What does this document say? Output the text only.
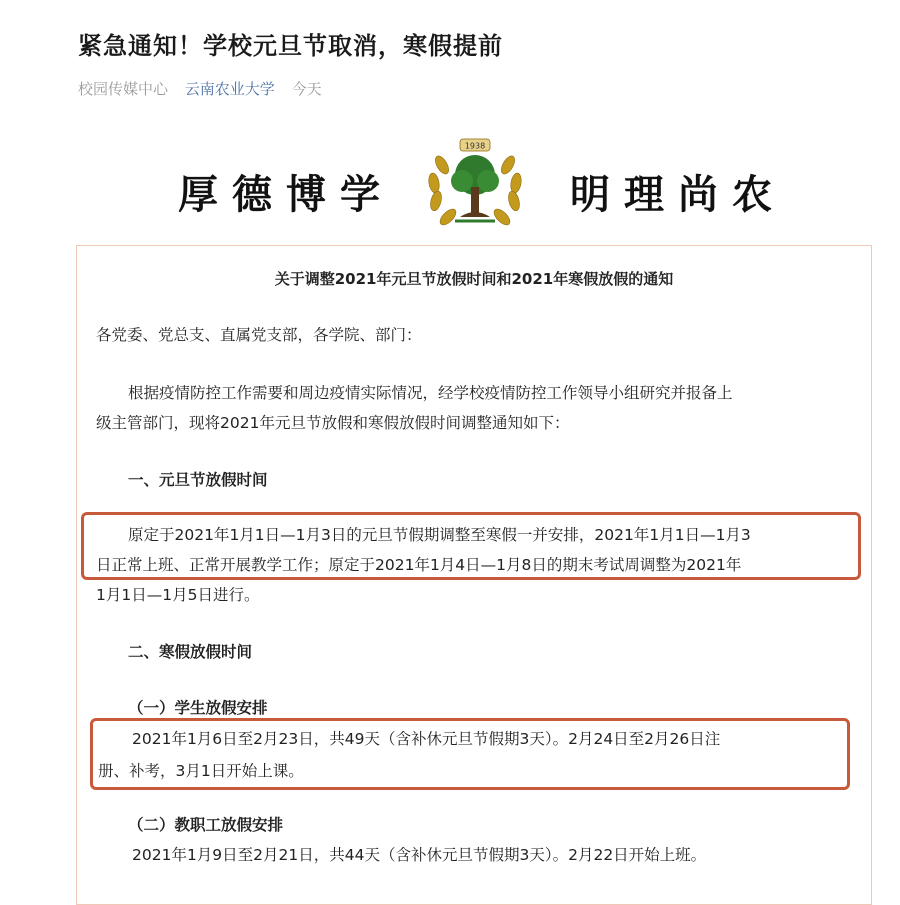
紧急通知！学校元旦节取消，寒假提前
校园传媒中心 云南农业大学 今天
厚德博学
1938
明理尚农
关于调整2021年元旦节放假时间和2021年寒假放假的通知
各党委、党总支、直属党支部，各学院、部门：
根据疫情防控工作需要和周边疫情实际情况，经学校疫情防控工作领导小组研究并报备上
级主管部门，现将2021年元旦节放假和寒假放假时间调整通知如下：
一、元旦节放假时间
原定于2021年1月1日—1月3日的元旦节假期调整至寒假一并安排，2021年1月1日—1月3
日正常上班、正常开展教学工作；原定于2021年1月4日—1月8日的期末考试周调整为2021年
1月1日—1月5日进行。
二、寒假放假时间
（一）学生放假安排
2021年1月6日至2月23日，共49天（含补休元旦节假期3天）。2月24日至2月26日注
册、补考，3月1日开始上课。
（二）教职工放假安排
2021年1月9日至2月21日，共44天（含补休元旦节假期3天）。2月22日开始上班。
